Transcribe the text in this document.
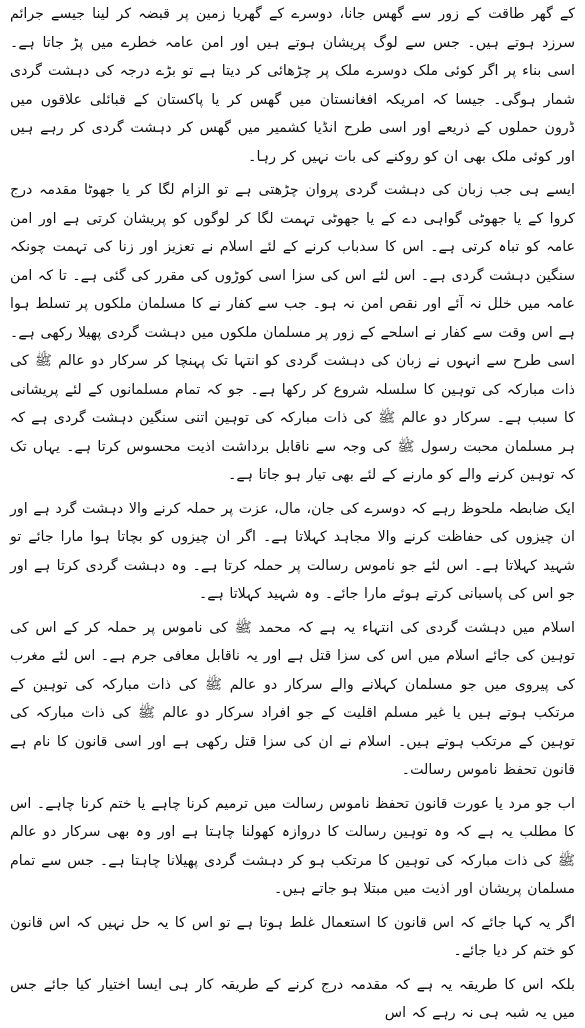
کے گھر طاقت کے زور سے گھس جانا، دوسرے کے گھریا زمین پر قبضہ کر لینا جیسے جرائم سرزد ہوتے ہیں۔ جس سے لوگ پریشان ہوتے ہیں اور امن عامہ خطرے میں پڑ جاتا ہے۔ اسی بناء پر اگر کوئی ملک دوسرے ملک پر چڑھائی کر دیتا ہے تو بڑے درجہ کی دہشت گردی شمار ہوگی۔ جیسا کہ امریکہ افغانستان میں گھس کر یا پاکستان کے قبائلی علاقوں میں ڈرون حملوں کے ذریعے اور اسی طرح انڈیا کشمیر میں گھس کر دہشت گردی کر رہے ہیں اور کوئی ملک بھی ان کو روکنے کی بات نہیں کر رہا۔

ایسے ہی جب زبان کی دہشت گردی پروان چڑھتی ہے تو الزام لگا کر یا جھوٹا مقدمہ درج کروا کے یا جھوٹی گواہی دے کے یا جھوٹی تہمت لگا کر لوگوں کو پریشان کرتی ہے اور امن عامہ کو تباہ کرتی ہے۔ اس کا سدباب کرنے کے لئے اسلام نے تعزیز اور زنا کی تہمت چونکہ سنگین دہشت گردی ہے۔ اس لئے اس کی سزا اسی کوڑوں کی مقرر کی گئی ہے۔ تا کہ امن عامہ میں خلل نہ آئے اور نقص امن نہ ہو۔ جب سے کفار نے کا مسلمان ملکوں پر تسلط ہوا ہے اس وقت سے کفار نے اسلحے کے زور پر مسلمان ملکوں میں دہشت گردی پھیلا رکھی ہے۔ اسی طرح سے انہوں نے زبان کی دہشت گردی کو انتہا تک پہنچا کر سرکار دو عالم ﷺ کی ذات مبارکہ کی توہین کا سلسلہ شروع کر رکھا ہے۔ جو کہ تمام مسلمانوں کے لئے پریشانی کا سبب ہے۔ سرکار دو عالم ﷺ کی ذات مبارکہ کی توہین اتنی سنگین دہشت گردی ہے کہ ہر مسلمان محبت رسول ﷺ کی وجہ سے ناقابل برداشت اذیت محسوس کرتا ہے۔ یہاں تک کہ توہین کرنے والے کو مارنے کے لئے بھی تیار ہو جاتا ہے۔

ایک ضابطہ ملحوظ رہے کہ دوسرے کی جان، مال، عزت پر حملہ کرنے والا دہشت گرد ہے اور ان چیزوں کی حفاظت کرنے والا مجاہد کہلاتا ہے۔ اگر ان چیزوں کو بچاتا ہوا مارا جائے تو شہید کہلاتا ہے۔ اس لئے جو ناموس رسالت پر حملہ کرتا ہے۔ وہ دہشت گردی کرتا ہے اور جو اس کی پاسبانی کرتے ہوئے مارا جائے۔ وہ شہید کہلاتا ہے۔

اسلام میں دہشت گردی کی انتہاء یہ ہے کہ محمد ﷺ کی ناموس پر حملہ کر کے اس کی توہین کی جائے اسلام میں اس کی سزا قتل ہے اور یہ ناقابل معافی جرم ہے۔ اس لئے مغرب کی پیروی میں جو مسلمان کہلانے والے سرکار دو عالم ﷺ کی ذات مبارکہ کی توہین کے مرتکب ہوتے ہیں یا غیر مسلم اقلیت کے جو افراد سرکار دو عالم ﷺ کی ذات مبارکہ کی توہین کے مرتکب ہوتے ہیں۔ اسلام نے ان کی سزا قتل رکھی ہے اور اسی قانون کا نام ہے قانون تحفظ ناموس رسالت۔

اب جو مرد یا عورت قانون تحفظ ناموس رسالت میں ترمیم کرنا چاہے یا ختم کرنا چاہے۔ اس کا مطلب یہ ہے کہ وہ توہین رسالت کا دروازہ کھولنا چاہتا ہے اور وہ بھی سرکار دو عالم ﷺ کی ذات مبارکہ کی توہین کا مرتکب ہو کر دہشت گردی پھیلانا چاہتا ہے۔ جس سے تمام مسلمان پریشان اور اذیت میں مبتلا ہو جاتے ہیں۔

اگر یہ کہا جائے کہ اس قانون کا استعمال غلط ہوتا ہے تو اس کا یہ حل نہیں کہ اس قانون کو ختم کر دیا جائے۔

بلکہ اس کا طریقہ یہ ہے کہ مقدمہ درج کرنے کے طریقہ کار ہی ایسا اختیار کیا جائے جس میں یہ شبہ ہی نہ رہے کہ اس
